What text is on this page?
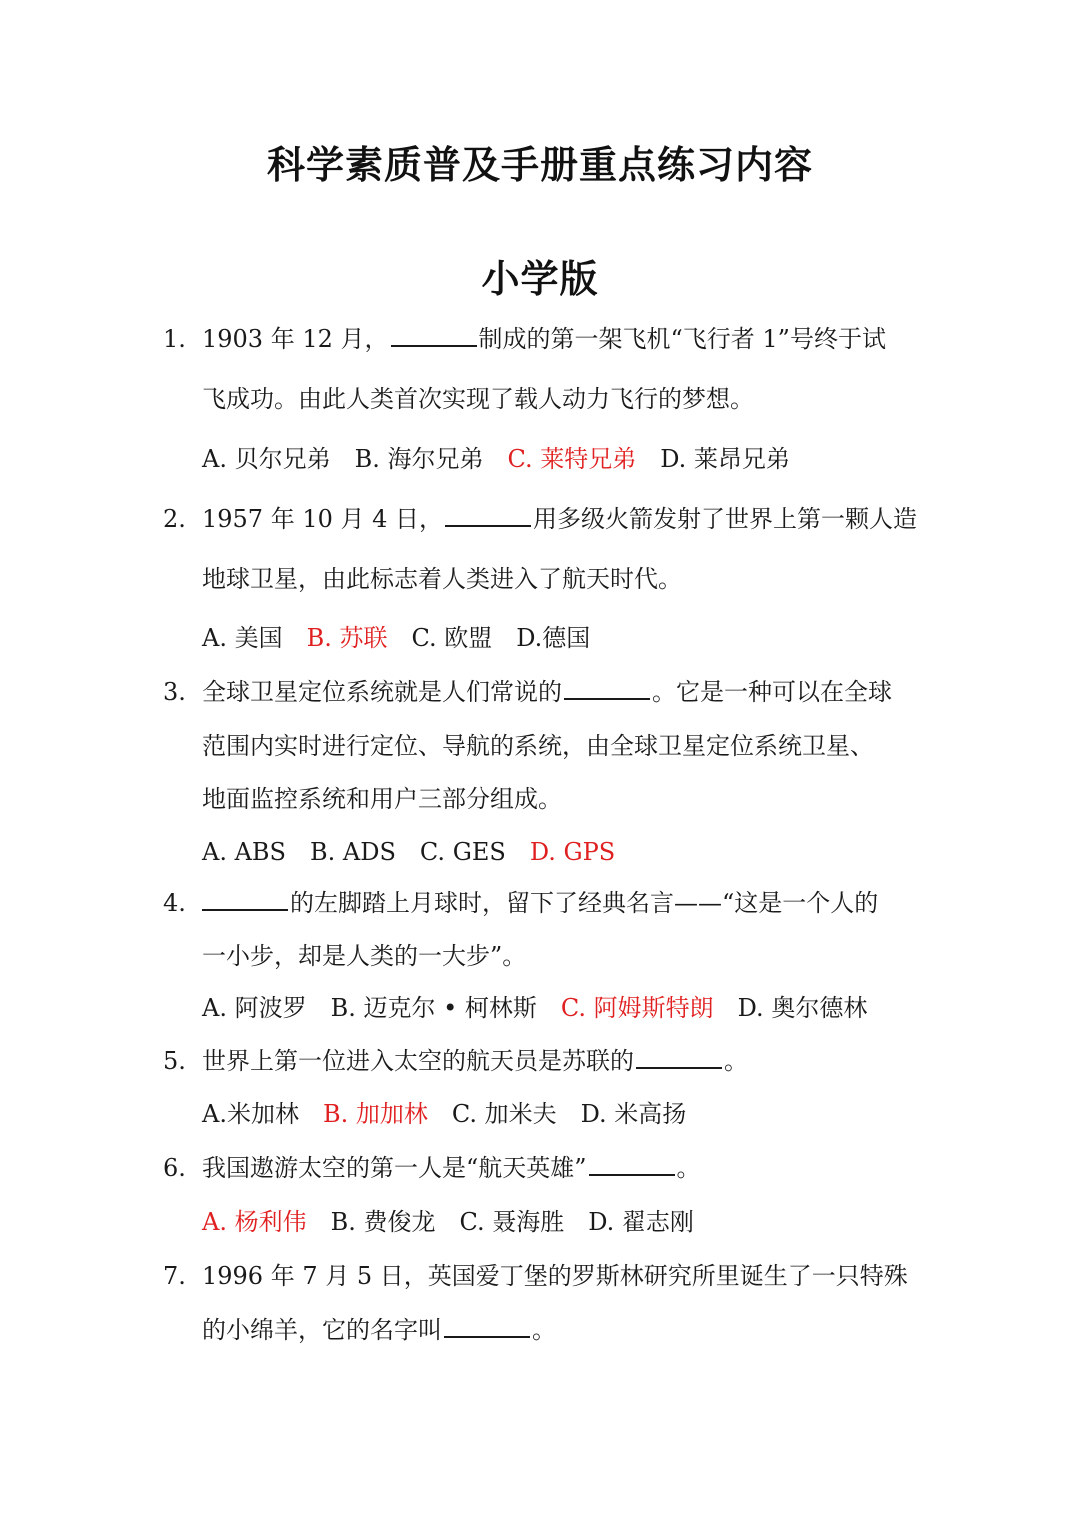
科学素质普及手册重点练习内容
小学版
1. 1903 年 12 月，	制成的第一架飞机“飞行者 1”号终于试
飞成功。由此人类首次实现了载人动力飞行的梦想。
A. 贝尔兄弟 B. 海尔兄弟 C. 莱特兄弟 D. 莱昂兄弟
2. 1957 年 10 月 4 日，	用多级火箭发射了世界上第一颗人造
地球卫星，由此标志着人类进入了航天时代。
A. 美国 B. 苏联 C. 欧盟 D.德国
3. 全球卫星定位系统就是人们常说的	。它是一种可以在全球
范围内实时进行定位、导航的系统，由全球卫星定位系统卫星、
地面监控系统和用户三部分组成。
A. ABS B. ADS C. GES D. GPS
4.	的左脚踏上月球时，留下了经典名言——“这是一个人的
一小步，却是人类的一大步”。
A. 阿波罗 B. 迈克尔 • 柯林斯 C. 阿姆斯特朗 D. 奥尔德林
5. 世界上第一位进入太空的航天员是苏联的	。
A.米加林 B. 加加林 C. 加米夫 D. 米高扬
6. 我国遨游太空的第一人是“航天英雄”	。
A. 杨利伟 B. 费俊龙 C. 聂海胜 D. 翟志刚
7. 1996 年 7 月 5 日，英国爱丁堡的罗斯林研究所里诞生了一只特殊
的小绵羊，它的名字叫	。
